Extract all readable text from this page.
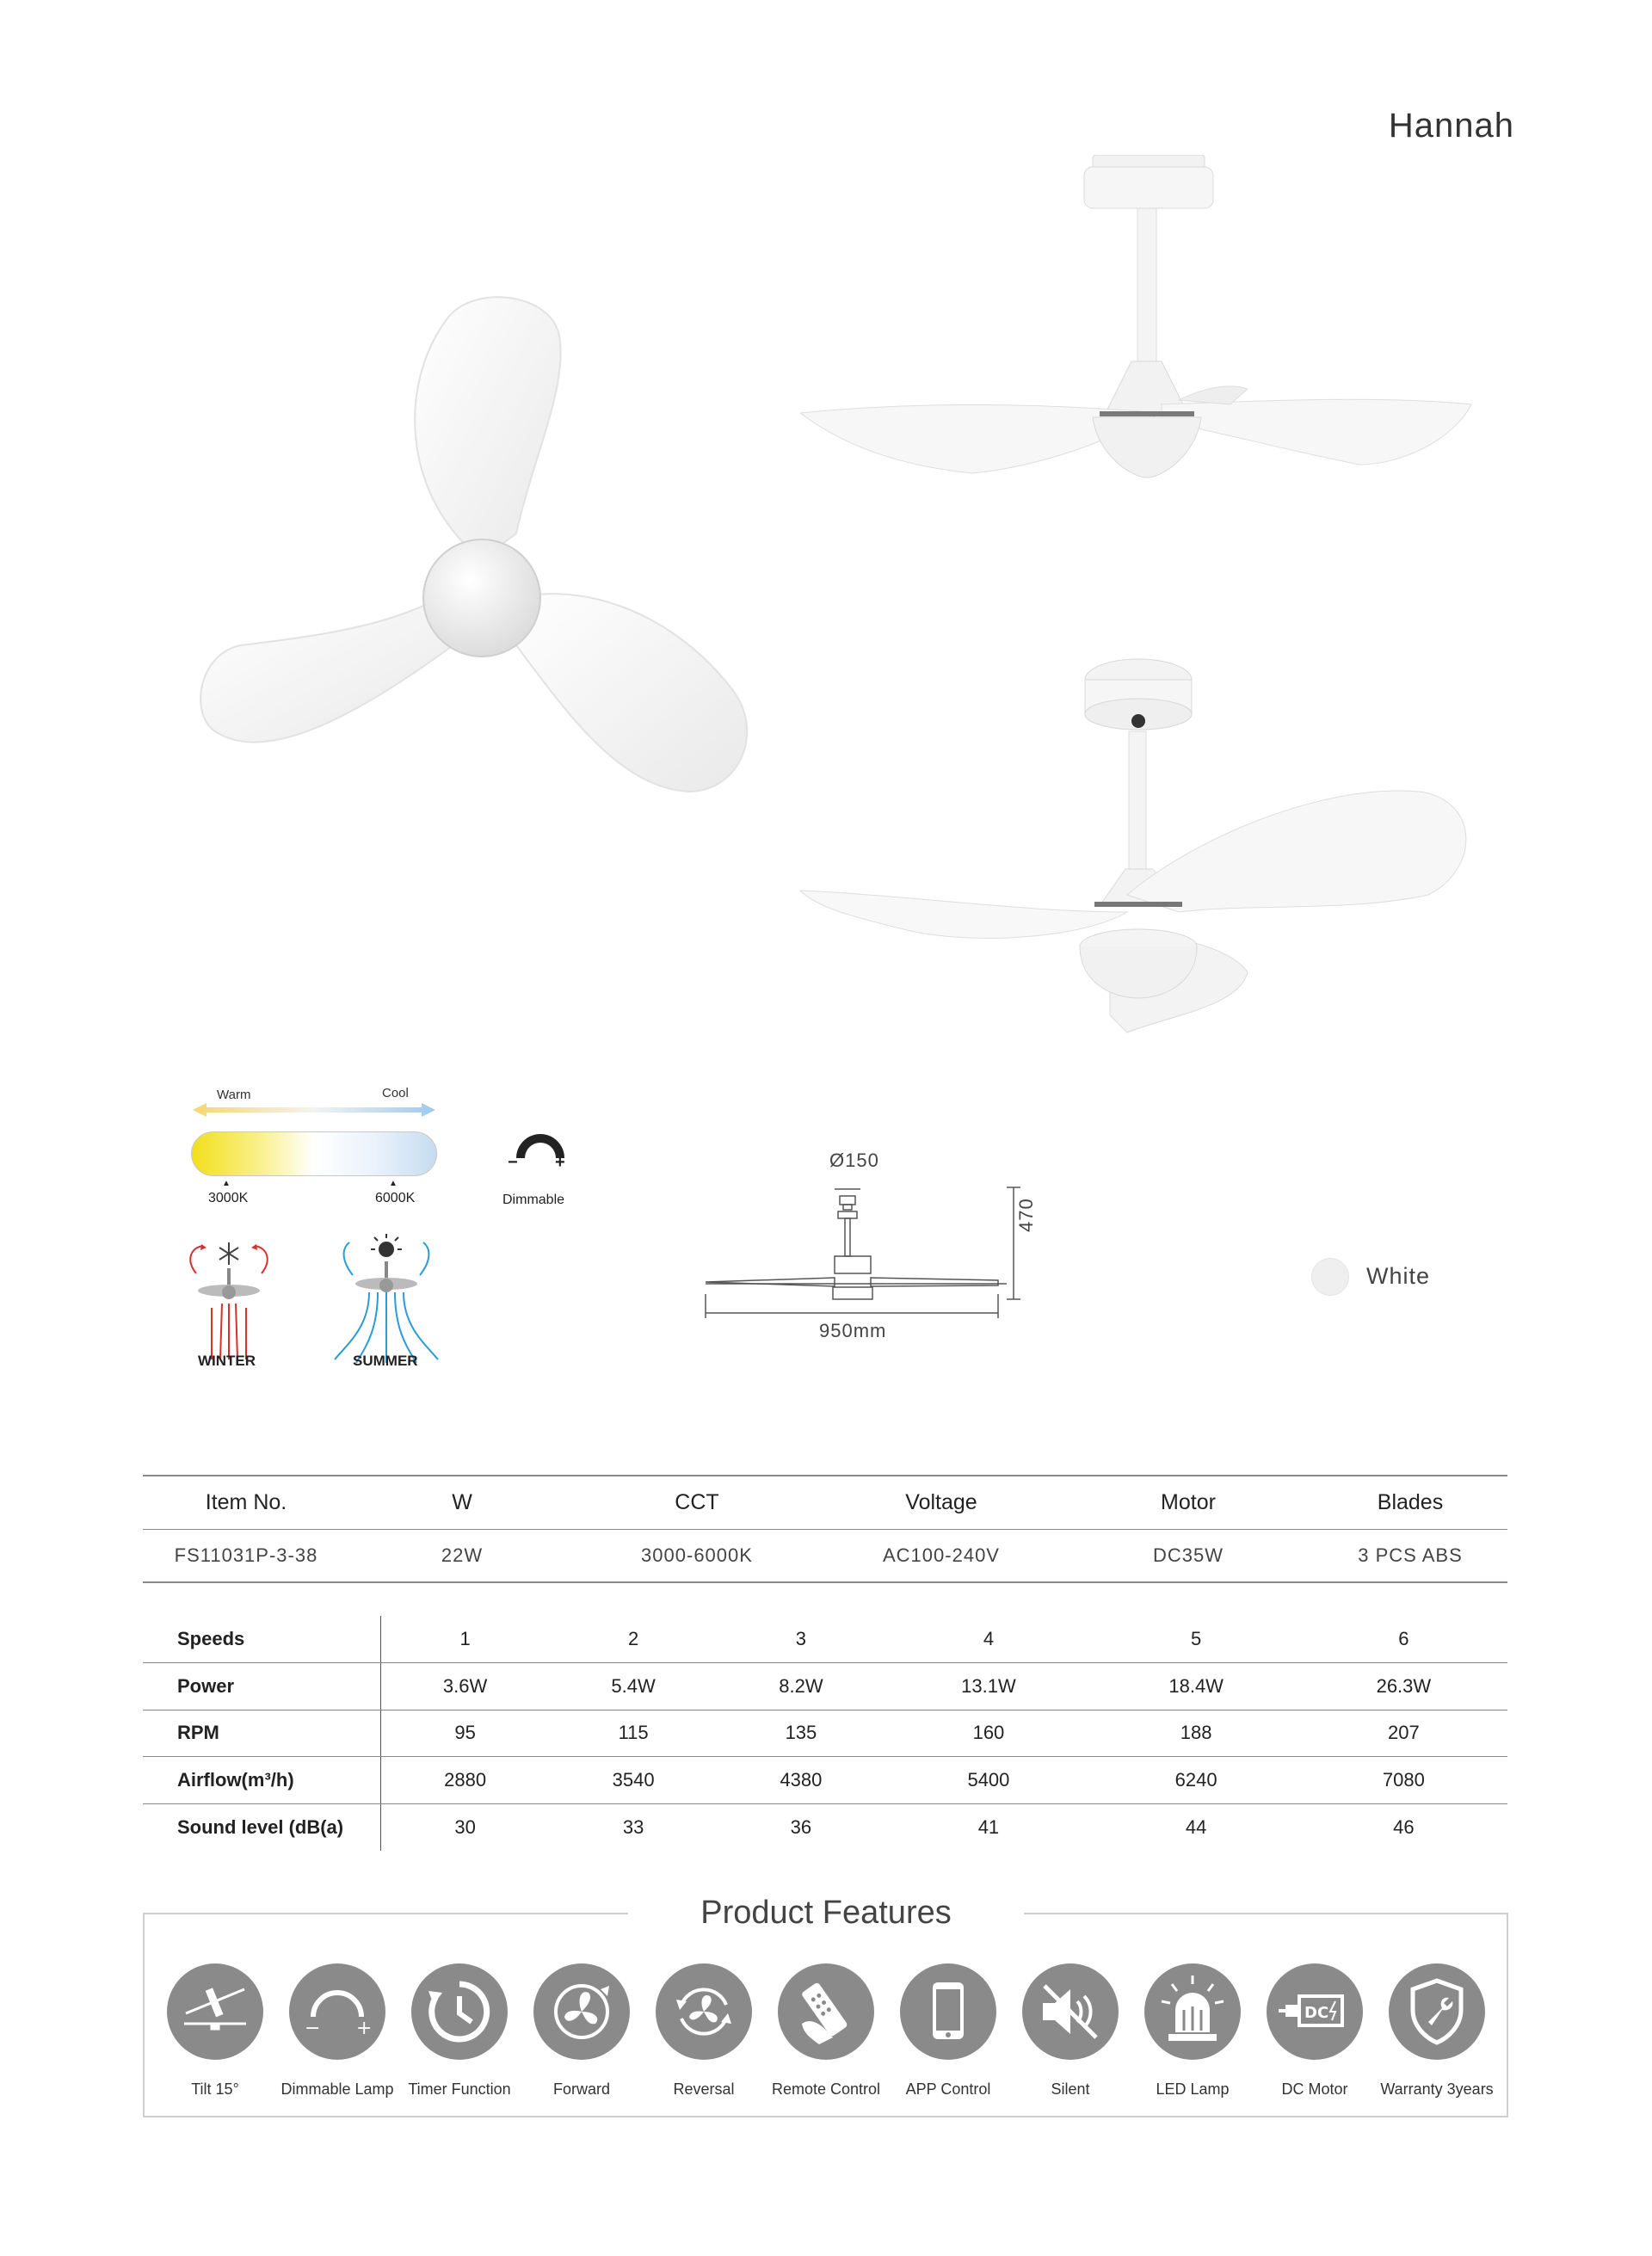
Hannah
Warm	Cool
▲	▲
3000K	6000K
− +
Dimmable
WINTER	SUMMER
Ø150
470
950mm
White
Item No.	W	CCT	Voltage	Motor	Blades
FS11031P-3-38	22W	3000-6000K	AC100-240V	DC35W	3 PCS ABS
Speeds	1	2	3	4	5	6
Power	3.6W	5.4W	8.2W	13.1W	18.4W	26.3W
RPM	95	115	135	160	188	207
Airflow(m³/h)	2880	3540	4380	5400	6240	7080
Sound level (dB(a)	30	33	36	41	44	46
Product Features
Tilt 15°
− +
Dimmable Lamp Timer Function	Forward	Reversal	Remote Control	APP Control	Silent	LED Lamp
DC
DC Motor	Warranty 3years
